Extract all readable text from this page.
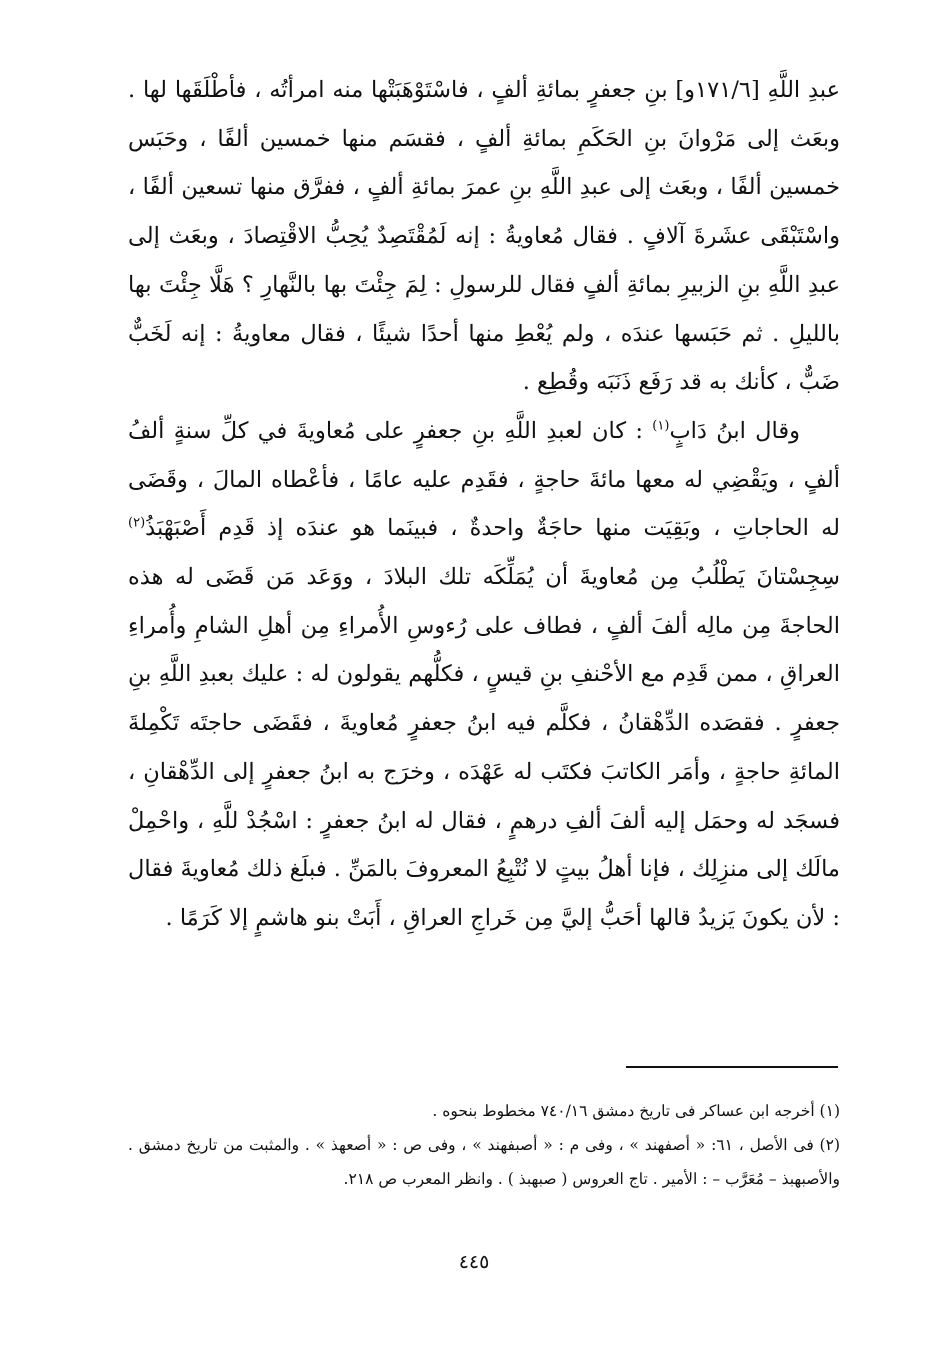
عبدِ اللَّهِ [١٧١/٦و] بنِ جعفرٍ بمائةِ ألفٍ ، فاسْتَوْهَبَتْها منه امرأتُه ، فأطْلَقَها لها . وبعَث إلى مَرْوانَ بنِ الحَكَمِ بمائةِ ألفٍ ، فقسَم منها خمسين ألفًا ، وحَبَس خمسين ألفًا ، وبعَث إلى عبدِ اللَّهِ بنِ عمرَ بمائةِ ألفٍ ، ففرَّق منها تسعين ألفًا ، واسْتَبْقَى عشَرةَ آلافٍ . فقال مُعاويةُ : إنه لَمُقْتَصِدٌ يُحِبُّ الاقْتِصادَ ، وبعَث إلى عبدِ اللَّهِ بنِ الزبيرِ بمائةِ ألفٍ فقال للرسولِ : لِمَ جِئْتَ بها بالنَّهارِ ؟ هَلَّا جِئْتَ بها بالليلِ . ثم حَبَسها عندَه ، ولم يُعْطِ منها أحدًا شيئًا ، فقال معاويةُ : إنه لَخَبٌّ ضَبٌّ ، كأنك به قد رَفَع ذَنَبَه وقُطِع .

وقال ابنُ دَابٍ$^{(١)}$ : كان لعبدِ اللَّهِ بنِ جعفرٍ على مُعاويةَ في كلِّ سنةٍ ألفُ ألفٍ ، ويَقْضِي له معها مائةَ حاجةٍ ، فقَدِم عليه عامًا ، فأعْطاه المالَ ، وقَضَى له الحاجاتِ ، وبَقِيَت منها حاجَةٌ واحدةٌ ، فبينَما هو عندَه إذ قَدِم أَصْبَهْبَذُ$^{(٢)}$ سِجِسْتانَ يَطْلُبُ مِن مُعاويةَ أن يُمَلِّكَه تلك البلادَ ، ووَعَد مَن قَضَى له هذه الحاجةَ مِن مالِه ألفَ ألفٍ ، فطاف على رُءوسِ الأُمراءِ مِن أهلِ الشامِ وأُمراءِ العراقِ ، ممن قَدِم مع الأحْنفِ بنِ قيسٍ ، فكلُّهم يقولون له : عليك بعبدِ اللَّهِ بنِ جعفرٍ . فقصَده الدِّهْقانُ ، فكلَّم فيه ابنُ جعفرٍ مُعاويةَ ، فقَضَى حاجتَه تَكْمِلةَ المائةِ حاجةٍ ، وأمَر الكاتبَ فكتَب له عَهْدَه ، وخرَج به ابنُ جعفرٍ إلى الدِّهْقانِ ، فسجَد له وحمَل إليه ألفَ ألفِ درهمٍ ، فقال له ابنُ جعفرٍ : اسْجُدْ للَّهِ ، واحْمِلْ مالَك إلى منزِلِك ، فإنا أهلُ بيتٍ لا نُتْبِعُ المعروفَ بالمَنِّ . فبلَغ ذلك مُعاويةَ فقال : لأن يكونَ يَزيدُ قالها أحَبُّ إليَّ مِن خَراجِ العراقِ ، أَبَتْ بنو هاشمٍ إلا كَرَمًا .

(١) أخرجه ابن عساكر فى تاريخ دمشق ٧٤٠/١٦ مخطوط بنحوه .

(٢) فى الأصل ، ٦١: « أصفهند » ، وفى م : « أصبفهند » ، وفى ص : « أصعهذ » . والمثبت من تاريخ دمشق . والأصبهبذ – مُعَرَّب – : الأمير . تاج العروس ( صبهبذ ) . وانظر المعرب ص ٢١٨.

٤٤٥
